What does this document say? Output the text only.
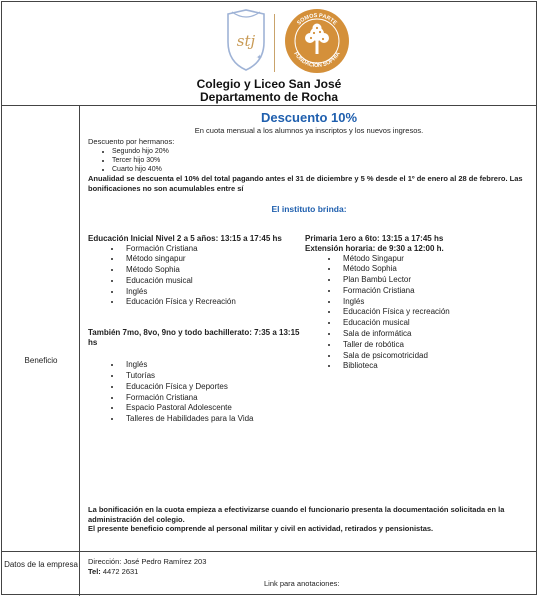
stj
✦
SOMOS PARTE
FUNDACIÓN SOPHIA
Colegio y Liceo San José
Departamento de Rocha
Beneficio
Descuento 10%
En cuota mensual a los alumnos ya inscriptos y los nuevos ingresos.
Descuento por hermanos:
• Segundo hijo 20%
• Tercer hijo 30%
• Cuarto hijo 40%
Anualidad se descuenta el 10% del total pagando antes el 31 de diciembre y 5 % desde el 1º de enero al 28 de febrero. Las bonificaciones no son acumulables entre sí
El instituto brinda:
Educación Inicial Nivel 2 a 5 años: 13:15 a 17:45 hs
• Formación Cristiana
• Método singapur
• Método Sophia
• Educación musical
• Inglés
• Educación Física y Recreación
También 7mo, 8vo, 9no y todo bachillerato: 7:35 a 13:15 hs
• Inglés
• Tutorías
• Educación Física y Deportes
• Formación Cristiana
• Espacio Pastoral Adolescente
• Talleres de Habilidades para la Vida
Primaria 1ero a 6to: 13:15 a 17:45 hs
Extensión horaria: de 9:30 a 12:00 h.
• Método Singapur
• Método Sophia
• Plan Bambú Lector
• Formación Cristiana
• Inglés
• Educación Física y recreación
• Educación musical
• Sala de informática
• Taller de robótica
• Sala de psicomotricidad
• Biblioteca
La bonificación en la cuota empieza a efectivizarse cuando el funcionario presenta la documentación solicitada en la administración del colegio.
El presente beneficio comprende al personal militar y civil en actividad, retirados y pensionistas.
Datos de la empresa Dirección: José Pedro Ramírez 203
Tel: 4472 2631
Link para anotaciones:
